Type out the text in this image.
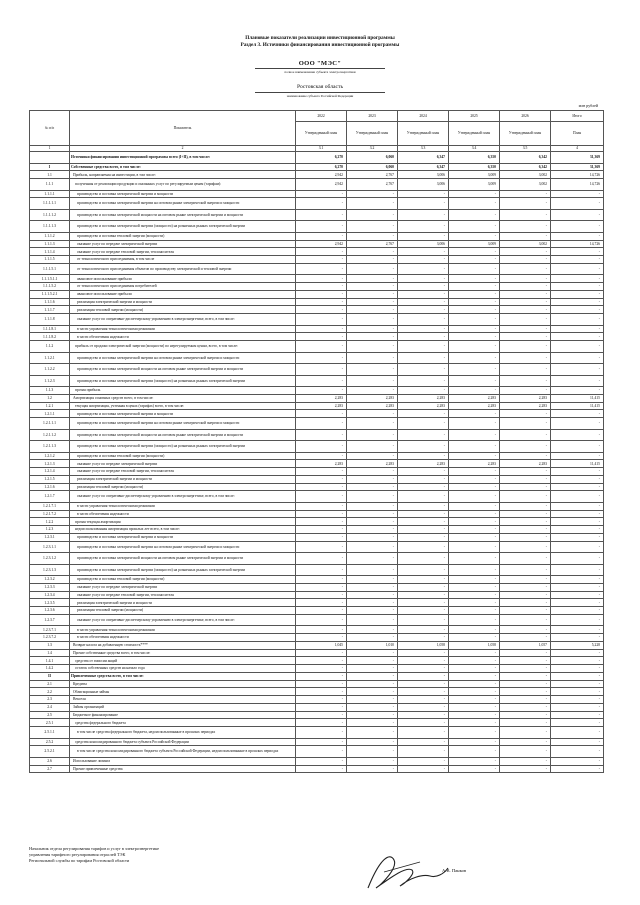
Плановые показатели реализации инвестиционной программы
Раздел 3. Источники финансирования инвестиционной программы
ООО "МЭС"
полное наименование субъекта электроэнергетики
Ростовская область
наименование субъекта Российской Федерации
млн рублей
№ п/п	Показатель	2022	2023	2024	2025	2026	Итого
		Утвержденный план	Утвержденный план	Утвержденный план	Утвержденный план	Утвержденный план	План
1	2	3.1	3.2	3.3	3.4	3.5	4
	Источники финансирования инвестиционной программы всего (I+II), в том числе:	6,270	6,060	6,347	6,350	6,342	31,369
I	Собственные средства всего, в том числе:	6,270	6,060	6,347	6,350	6,342	31,369
1.1	Прибыль, направляемая на инвестиции, в том числе:	2,942	2,767	3,006	3,009	3,002	14,726
1.1.1	полученная от реализации продукции и оказанных услуг по регулируемым ценам (тарифам):	2,942	2,767	3,006	3,009	3,002	14,726
1.1.1.1	производство и поставка электрической энергии и мощности	-	-	-	-	-	-
1.1.1.1.1	производство и поставка электрической энергии на оптовом рынке электрической энергии и мощности	-	-	-	-	-	-
1.1.1.1.2	производство и поставка электрической мощности на оптовом рынке электрической энергии и мощности	-	-	-	-	-	-
1.1.1.1.3	производство и поставка электрической энергии (мощности) на розничных рынках электрической энергии	-	-	-	-	-	-
1.1.1.2	производство и поставка тепловой энергии (мощности)	-	-	-	-	-	-
1.1.1.3	оказание услуг по передаче электрической энергии	2,942	2,767	3,006	3,009	3,002	14,726
1.1.1.4	оказание услуг по передаче тепловой энергии, теплоносителя	-	-	-	-	-	-
1.1.1.5	от технологического присоединения, в том числе	-	-	-	-	-	-
1.1.1.5.1	от технологического присоединения объектов по производству электрической и тепловой энергии	-	-	-	-	-	-
1.1.1.5.1.1	авансовое использование прибыли	-	-	-	-	-	-
1.1.1.5.2	от технологического присоединения потребителей	-	-	-	-	-	-
1.1.1.5.2.1	авансовое использование прибыли	-	-	-	-	-	-
1.1.1.6	реализация электрической энергии и мощности	-	-	-	-	-	-
1.1.1.7	реализация тепловой энергии (мощности)	-	-	-	-	-	-
1.1.1.8	оказание услуг по оперативно-диспетчерскому управлению в электроэнергетике, всего, в том числе:	-	-	-	-	-	-
1.1.1.8.1	в части управления технологическими режимами	-	-	-	-	-	-
1.1.1.8.2	в части обеспечения надежности	-	-	-	-	-	-
1.1.2	прибыль от продажи электрической энергии (мощности) по нерегулируемым ценам, всего, в том числе:	-	-	-	-	-	-
1.1.2.1	производство и поставка электрической энергии на оптовом рынке электрической энергии и мощности	-	-	-	-	-	-
1.1.2.2	производство и поставка электрической мощности на оптовом рынке электрической энергии и мощности	-	-	-	-	-	-
1.1.2.3	производство и поставка электрической энергии (мощности) на розничных рынках электрической энергии	-	-	-	-	-	-
1.1.3	прочая прибыль	-	-	-	-	-	-
1.2	Амортизация основных средств всего, в том числе:	2,283	2,283	2,283	2,283	2,283	11,415
1.2.1	текущая амортизация, учтенная в ценах (тарифах) всего, в том числе:	2,283	2,283	2,283	2,283	2,283	11,415
1.2.1.1	производство и поставка электрической энергии и мощности	-	-	-	-	-	-
1.2.1.1.1	производство и поставка электрической энергии на оптовом рынке электрической энергии и мощности	-	-	-	-	-	-
1.2.1.1.2	производство и поставка электрической мощности на оптовом рынке электрической энергии и мощности	-	-	-	-	-	-
1.2.1.1.3	производство и поставка электрической энергии (мощности) на розничных рынках электрической энергии	-	-	-	-	-	-
1.2.1.2	производство и поставка тепловой энергии (мощности)	-	-	-	-	-	-
1.2.1.3	оказание услуг по передаче электрической энергии	2,283	2,283	2,283	2,283	2,283	11,415
1.2.1.4	оказание услуг по передаче тепловой энергии, теплоносителя	-	-	-	-	-	-
1.2.1.5	реализация электрической энергии и мощности	-	-	-	-	-	-
1.2.1.6	реализация тепловой энергии (мощности)	-	-	-	-	-	-
1.2.1.7	оказание услуг по оперативно-диспетчерскому управлению в электроэнергетике, всего, в том числе:	-	-	-	-	-	-
1.2.1.7.1	в части управления технологическими режимами	-	-	-	-	-	-
1.2.1.7.2	в части обеспечения надежности	-	-	-	-	-	-
1.2.2	прочая текущая амортизация	-	-	-	-	-	-
1.2.3	недоиспользованная амортизация прошлых лет всего, в том числе:	-	-	-	-	-	-
1.2.3.1	производство и поставка электрической энергии и мощности	-	-	-	-	-	-
1.2.3.1.1	производство и поставка электрической энергии на оптовом рынке электрической энергии и мощности	-	-	-	-	-	-
1.2.3.1.2	производство и поставка электрической мощности на оптовом рынке электрической энергии и мощности	-	-	-	-	-	-
1.2.3.1.3	производство и поставка электрической энергии (мощности) на розничных рынках электрической энергии	-	-	-	-	-	-
1.2.3.2	производство и поставка тепловой энергии (мощности)	-	-	-	-	-	-
1.2.3.3	оказание услуг по передаче электрической энергии	-	-	-	-	-	-
1.2.3.4	оказание услуг по передаче тепловой энергии, теплоносителя	-	-	-	-	-	-
1.2.3.5	реализация электрической энергии и мощности	-	-	-	-	-	-
1.2.3.6	реализация тепловой энергии (мощности)	-	-	-	-	-	-
1.2.3.7	оказание услуг по оперативно-диспетчерскому управлению в электроэнергетике, всего, в том числе:	-	-	-	-	-	-
1.2.3.7.1	в части управления технологическими режимами	-	-	-	-	-	-
1.2.3.7.2	в части обеспечения надежности	-	-	-	-	-	-
1.3	Возврат налога на добавленную стоимость****	1,045	1,010	1,058	1,058	1,057	5,228
1.4	Прочие собственные средства всего, в том числе:	-	-	-	-	-	-
1.4.1	средства от эмиссии акций	-	-	-	-	-	-
1.4.2	остаток собственных средств на начало года	-	-	-	-	-	-
II	Привлеченные средства всего, в том числе:	-	-	-	-	-	-
2.1	Кредиты	-	-	-	-	-	-
2.2	Облигационные займы	-	-	-	-	-	-
2.3	Векселя	-	-	-	-	-	-
2.4	Займы организаций	-	-	-	-	-	-
2.5	Бюджетное финансирование	-	-	-	-	-	-
2.5.1	средства федерального бюджета	-	-	-	-	-	-
2.5.1.1	в том числе средства федерального бюджета, недоиспользованные в прошлых периодах	-	-	-	-	-	-
2.5.2	средства консолидированного бюджета субъекта Российской Федерации	-	-	-	-	-	-
2.5.2.1	в том числе средства консолидированного бюджета субъекта Российской Федерации, недоиспользованные в прошлых периодах	-	-	-	-	-	-
2.6	Использование лизинга	-	-	-	-	-	-
2.7	Прочие привлеченные средства	-	-	-	-	-	-
Начальник отдела регулирования тарифов и услуг в электроэнергетике
управления тарифного регулирования отраслей ТЭК
Региональной службы по тарифам Ростовской области
А.В. Панков
